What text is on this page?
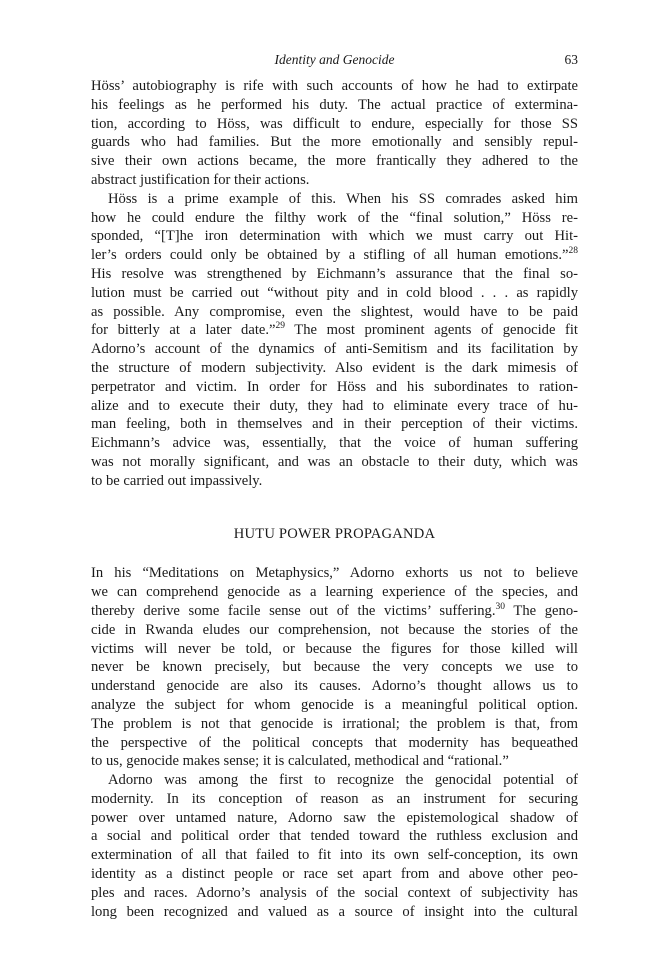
Identity and Genocide	63

Höss’ autobiography is rife with such accounts of how he had to extirpate
his feelings as he performed his duty. The actual practice of extermina-
tion, according to Höss, was difficult to endure, especially for those SS
guards who had families. But the more emotionally and sensibly repul-
sive their own actions became, the more frantically they adhered to the
abstract justification for their actions.

Höss is a prime example of this. When his SS comrades asked him
how he could endure the filthy work of the “final solution,” Höss re-
sponded, “[T]he iron determination with which we must carry out Hit-
ler’s orders could only be obtained by a stifling of all human emotions.”$^{28}$
His resolve was strengthened by Eichmann’s assurance that the final so-
lution must be carried out “without pity and in cold blood . . . as rapidly
as possible. Any compromise, even the slightest, would have to be paid
for bitterly at a later date.”$^{29}$ The most prominent agents of genocide fit
Adorno’s account of the dynamics of anti-Semitism and its facilitation by
the structure of modern subjectivity. Also evident is the dark mimesis of
perpetrator and victim. In order for Höss and his subordinates to ration-
alize and to execute their duty, they had to eliminate every trace of hu-
man feeling, both in themselves and in their perception of their victims.
Eichmann’s advice was, essentially, that the voice of human suffering
was not morally significant, and was an obstacle to their duty, which was
to be carried out impassively.

HUTU POWER PROPAGANDA

In his “Meditations on Metaphysics,” Adorno exhorts us not to believe
we can comprehend genocide as a learning experience of the species, and
thereby derive some facile sense out of the victims’ suffering.$^{30}$ The geno-
cide in Rwanda eludes our comprehension, not because the stories of the
victims will never be told, or because the figures for those killed will
never be known precisely, but because the very concepts we use to
understand genocide are also its causes. Adorno’s thought allows us to
analyze the subject for whom genocide is a meaningful political option.
The problem is not that genocide is irrational; the problem is that, from
the perspective of the political concepts that modernity has bequeathed
to us, genocide makes sense; it is calculated, methodical and “rational.”

Adorno was among the first to recognize the genocidal potential of
modernity. In its conception of reason as an instrument for securing
power over untamed nature, Adorno saw the epistemological shadow of
a social and political order that tended toward the ruthless exclusion and
extermination of all that failed to fit into its own self-conception, its own
identity as a distinct people or race set apart from and above other peo-
ples and races. Adorno’s analysis of the social context of subjectivity has
long been recognized and valued as a source of insight into the cultural
